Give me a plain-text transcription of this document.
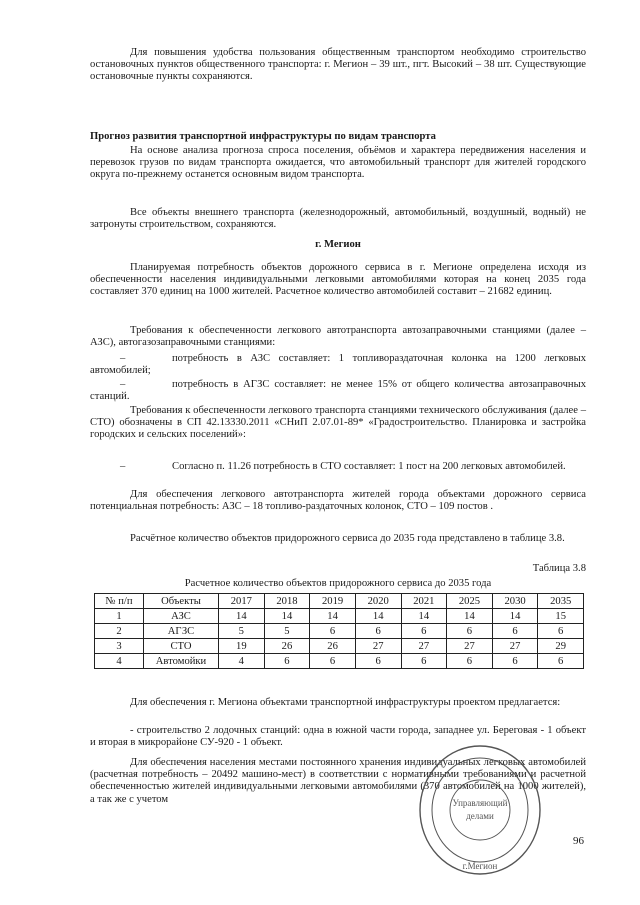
Для повышения удобства пользования общественным транспортом необходимо строительство остановочных пунктов общественного транспорта: г. Мегион – 39 шт., пгт. Высокий – 38 шт. Существующие остановочные пункты сохраняются.

Прогноз развития транспортной инфраструктуры по видам транспорта

На основе анализа прогноза спроса поселения, объёмов и характера передвижения населения и перевозок грузов по видам транспорта ожидается, что автомобильный транспорт для жителей городского округа по-прежнему останется основным видом транспорта.

Все объекты внешнего транспорта (железнодорожный, автомобильный, воздушный, водный) не затронуты строительством, сохраняются.

г. Мегион

Планируемая потребность объектов дорожного сервиса в г. Мегионе определена исходя из обеспеченности населения индивидуальными легковыми автомобилями которая на конец 2035 года составляет 370 единиц на 1000 жителей. Расчетное количество автомобилей составит – 21682 единиц.

Требования к обеспеченности легкового автотранспорта автозаправочными станциями (далее – АЗС), автогазозаправочными станциями:

–	потребность в АЗС составляет: 1 топливораздаточная колонка на 1200 легковых автомобилей;

–	потребность в АГЗС составляет: не менее 15% от общего количества автозаправочных станций.

Требования к обеспеченности легкового транспорта станциями технического обслуживания (далее – СТО) обозначены в СП 42.13330.2011 «СНиП 2.07.01-89* «Градостроительство. Планировка и застройка городских и сельских поселений»:

–	Согласно п. 11.26 потребность в СТО составляет: 1 пост на 200 легковых автомобилей.

Для обеспечения легкового автотранспорта жителей города объектами дорожного сервиса потенциальная потребность: АЗС – 18 топливо-раздаточных колонок, СТО – 109 постов .

Расчётное количество объектов придорожного сервиса до 2035 года представлено в таблице 3.8.

Таблица 3.8

Расчетное количество объектов придорожного сервиса до 2035 года

№ п/п	Объекты	2017	2018	2019	2020	2021	2025	2030	2035
1	АЗС	14	14	14	14	14	14	14	15
2	АГЗС	5	5	6	6	6	6	6	6
3	СТО	19	26	26	27	27	27	27	29
4	Автомойки	4	6	6	6	6	6	6	6

Для обеспечения г. Мегиона объектами транспортной инфраструктуры проектом предлагается:

- строительство 2 лодочных станций: одна в южной части города, западнее ул. Береговая - 1 объект и вторая в микрорайоне СУ-920 - 1 объект.

Для обеспечения населения местами постоянного хранения индивидуальных легковых автомобилей (расчетная потребность – 20492 машино-мест) в соответствии с нормативными требованиями и расчетной обеспеченностью жителей индивидуальными легковыми автомобилями (370 автомобилей на 1000 жителей), а так же с учетом	Управляющий
делами
г.Мегион
96
